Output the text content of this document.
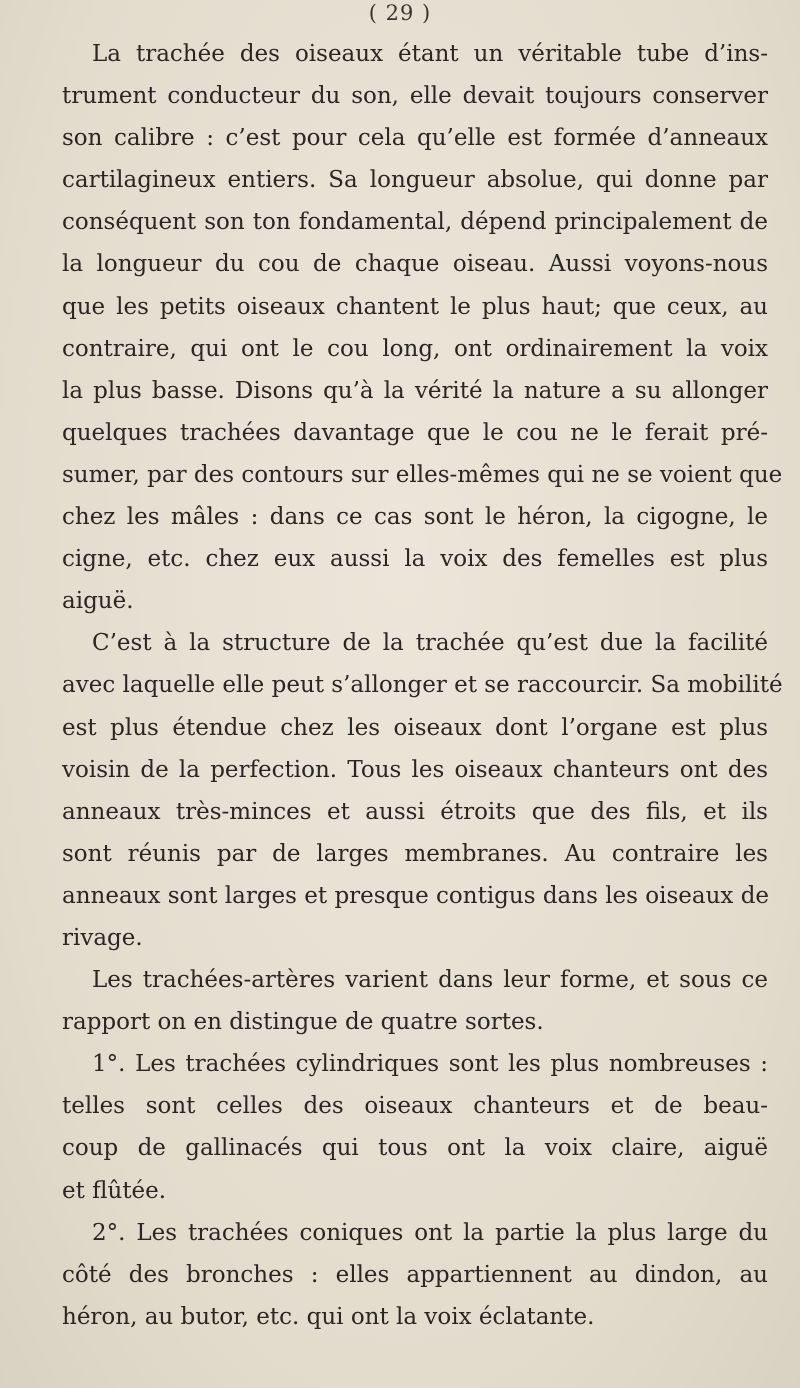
( 29 )
La trachée des oiseaux étant un véritable tube d’ins-
trument conducteur du son, elle devait toujours conserver
son calibre : c’est pour cela qu’elle est formée d’anneaux
cartilagineux entiers. Sa longueur absolue, qui donne par
conséquent son ton fondamental, dépend principalement de
la longueur du cou de chaque oiseau. Aussi voyons-nous
que les petits oiseaux chantent le plus haut; que ceux, au
contraire, qui ont le cou long, ont ordinairement la voix
la plus basse. Disons qu’à la vérité la nature a su allonger
quelques trachées davantage que le cou ne le ferait pré-
sumer, par des contours sur elles-mêmes qui ne se voient que
chez les mâles : dans ce cas sont le héron, la cigogne, le
cigne, etc. chez eux aussi la voix des femelles est plus
aiguë.
C’est à la structure de la trachée qu’est due la facilité
avec laquelle elle peut s’allonger et se raccourcir. Sa mobilité
est plus étendue chez les oiseaux dont l’organe est plus
voisin de la perfection. Tous les oiseaux chanteurs ont des
anneaux très-minces et aussi étroits que des fils, et ils
sont réunis par de larges membranes. Au contraire les
anneaux sont larges et presque contigus dans les oiseaux de
rivage.
Les trachées-artères varient dans leur forme, et sous ce
rapport on en distingue de quatre sortes.
1°. Les trachées cylindriques sont les plus nombreuses :
telles sont celles des oiseaux chanteurs et de beau-
coup de gallinacés qui tous ont la voix claire, aiguë
et flûtée.
2°. Les trachées coniques ont la partie la plus large du
côté des bronches : elles appartiennent au dindon, au
héron, au butor, etc. qui ont la voix éclatante.
